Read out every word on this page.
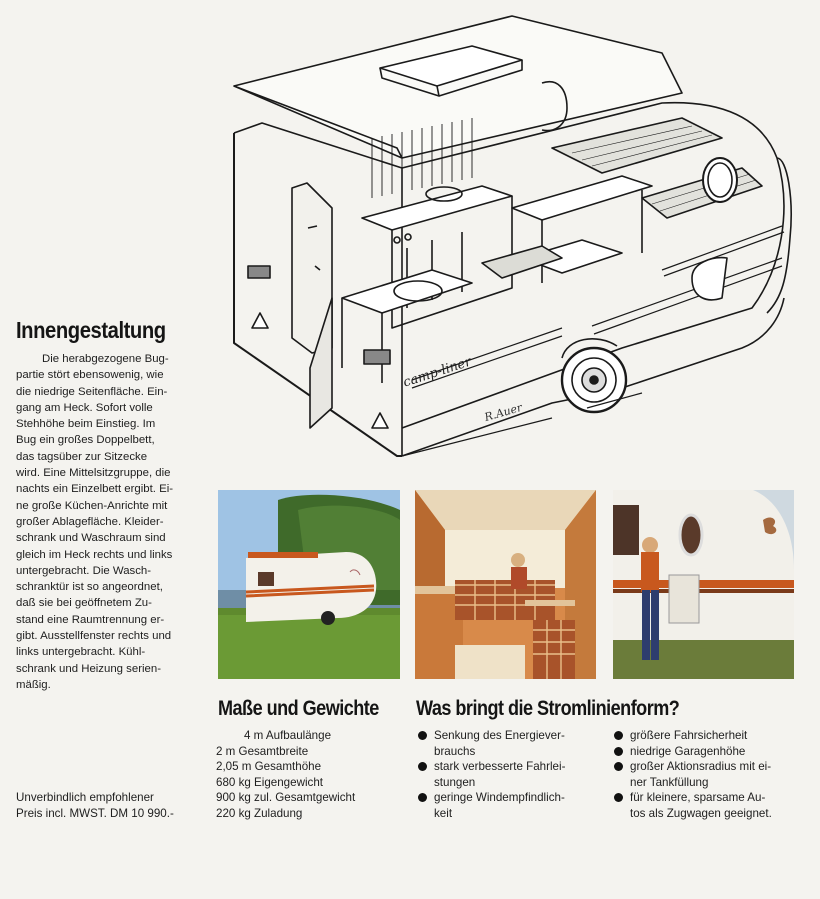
camp-liner
R.Auer
Innengestaltung

Die herabgezogene Bug-
partie stört ebensowenig, wie
die niedrige Seitenfläche. Ein-
gang am Heck. Sofort volle
Stehhöhe beim Einstieg. Im
Bug ein großes Doppelbett,
das tagsüber zur Sitzecke
wird. Eine Mittelsitzgruppe, die
nachts ein Einzelbett ergibt. Ei-
ne große Küchen-Anrichte mit
großer Ablagefläche. Kleider-
schrank und Waschraum sind
gleich im Heck rechts und links
untergebracht. Die Wasch-
schranktür ist so angeordnet,
daß sie bei geöffnetem Zu-
stand eine Raumtrennung er-
gibt. Ausstellfenster rechts und
links untergebracht. Kühl-
schrank und Heizung serien-
mäßig.

Maße und Gewichte
4 m Aufbaulänge
2 m Gesamtbreite
2,05 m Gesamthöhe
680 kg Eigengewicht
900 kg zul. Gesamtgewicht
220 kg Zuladung
Was bringt die Stromlinienform?
Senkung des Energiever-
brauchs
stark verbesserte Fahrlei-
stungen
geringe Windempfindlich-
keit
größere Fahrsicherheit
niedrige Garagenhöhe
großer Aktionsradius mit ei-
ner Tankfüllung
für kleinere, sparsame Au-
tos als Zugwagen geeignet.

Unverbindlich empfohlener
Preis incl. MWST. DM 10 990.-
